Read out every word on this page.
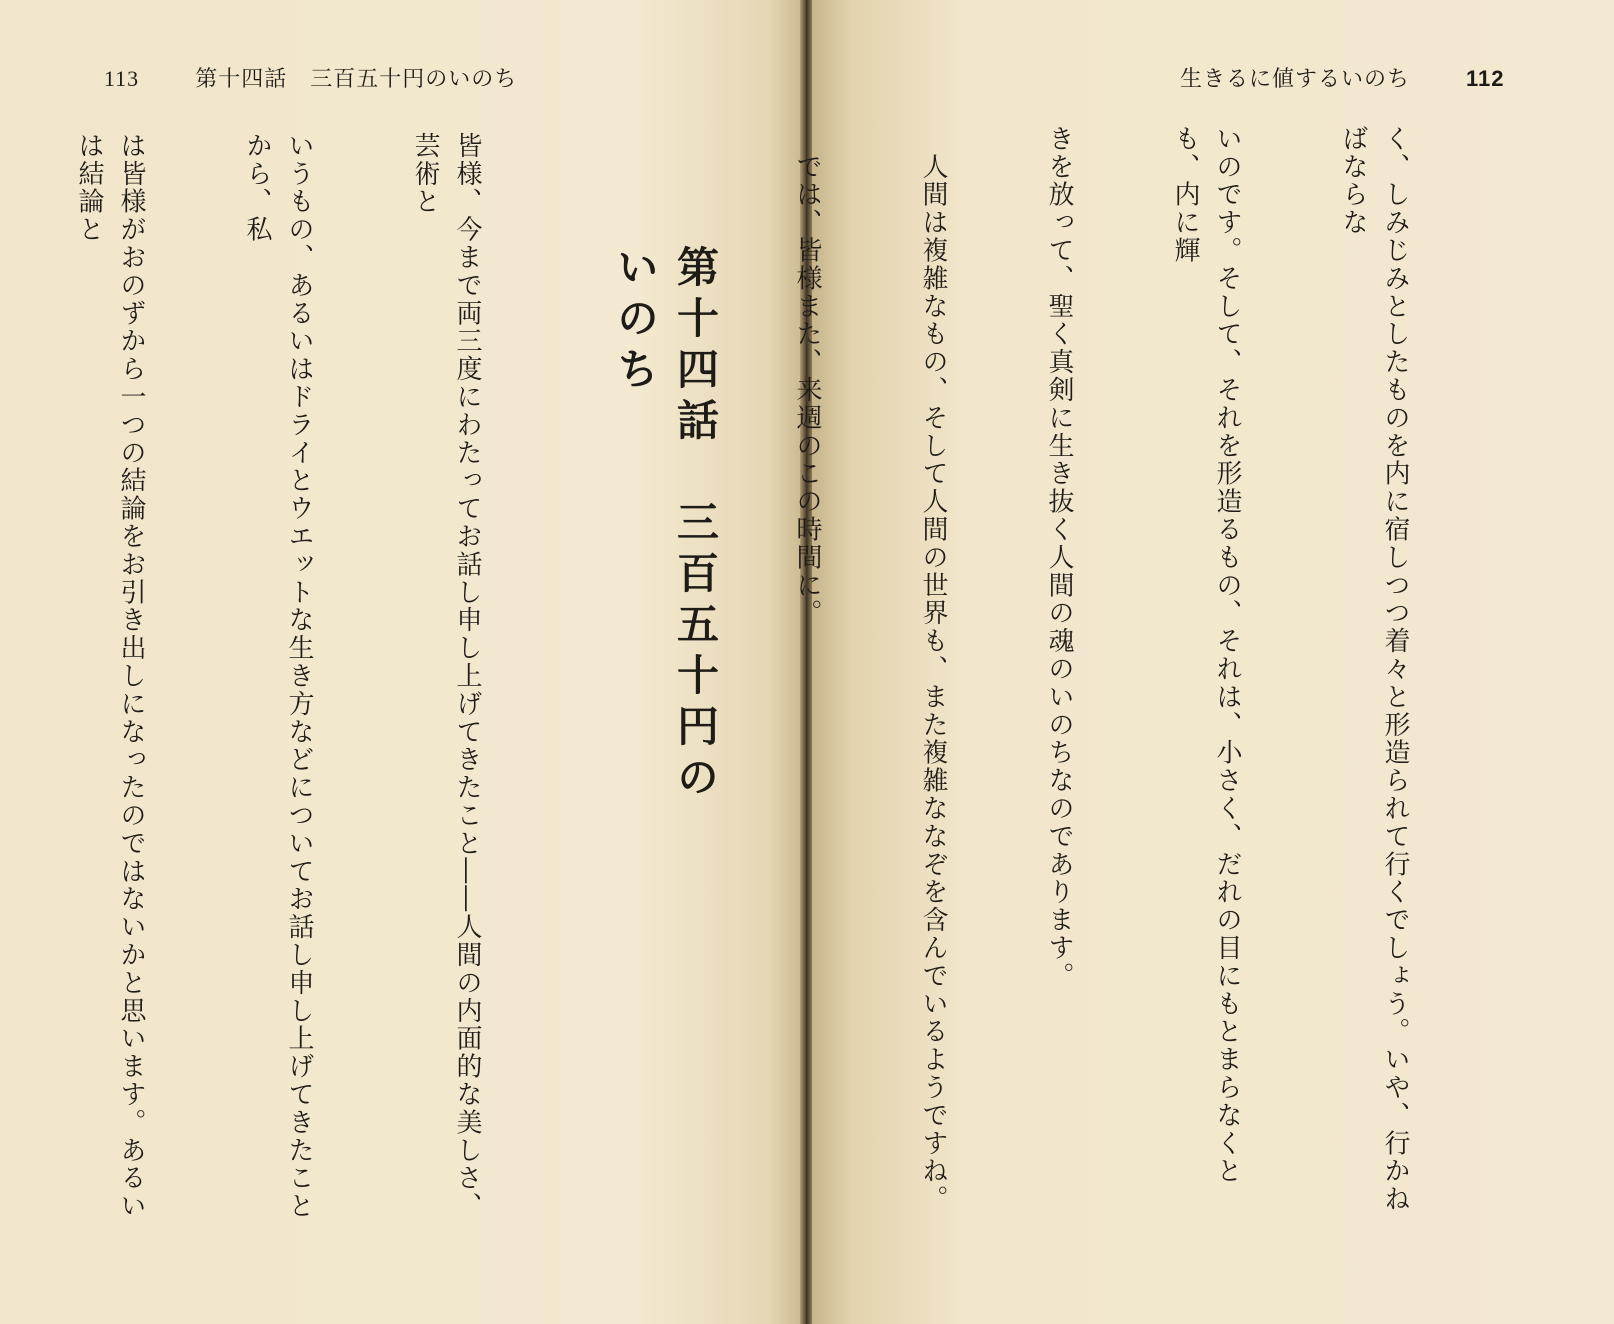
113	第十四話　三百五十円のいのち
第十四話　三百五十円のいのち

皆様、今まで両三度にわたってお話し申し上げてきたこと――人間の内面的な美しさ、芸術と

いうもの、あるいはドライとウエットな生き方などについてお話し申し上げてきたことから、私

は皆様がおのずから一つの結論をお引き出しになったのではないかと思います。あるいは結論と

生きるに値するいのち	112

く、しみじみとしたものを内に宿しつつ着々と形造られて行くでしょう。いや、行かねばならな

いのです。そして、それを形造るもの、それは、小さく、だれの目にもとまらなくとも、内に輝

きを放って、聖く真剣に生き抜く人間の魂のいのちなのであります。

　人間は複雑なもの、そして人間の世界も、また複雑ななぞを含んでいるようですね。

　では、皆様また、来週のこの時間に。
